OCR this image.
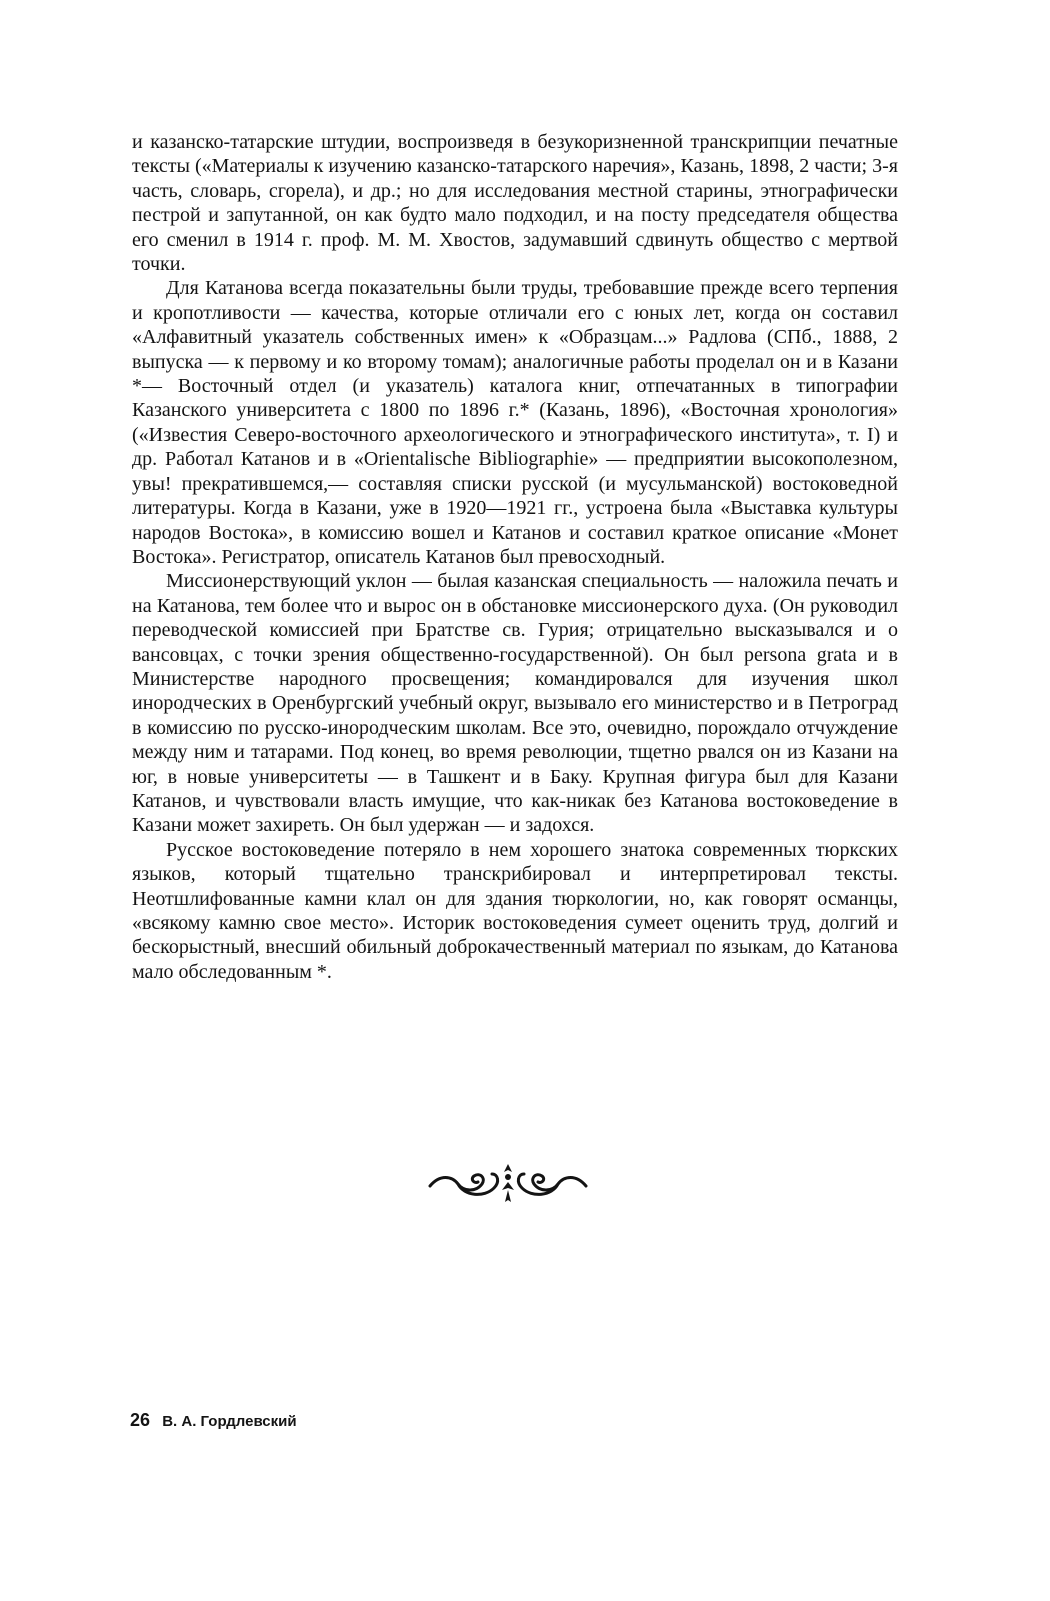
и казанско-татарские штудии, воспроизведя в безукоризненной транскрипции печатные тексты («Материалы к изучению казанско-татарского наречия», Казань, 1898, 2 части; 3-я часть, словарь, сгорела), и др.; но для исследования местной старины, этнографически пестрой и запутанной, он как будто мало подходил, и на посту председателя общества его сменил в 1914 г. проф. М. М. Хвостов, задумавший сдвинуть общество с мертвой точки.

Для Катанова всегда показательны были труды, требовавшие прежде всего терпения и кропотливости — качества, которые отличали его с юных лет, когда он составил «Алфавитный указатель собственных имен» к «Образцам...» Радлова (СПб., 1888, 2 выпуска — к первому и ко второму томам); аналогичные работы проделал он и в Казани *— Восточный отдел (и указатель) каталога книг, отпечатанных в типографии Казанского университета с 1800 по 1896 г.* (Казань, 1896), «Восточная хронология» («Известия Северо-восточного археологического и этнографического института», т. I) и др. Работал Катанов и в «Orientalische Bibliographie» — предприятии высокополезном, увы! прекратившемся,— составляя списки русской (и мусульманской) востоковедной литературы. Когда в Казани, уже в 1920—1921 гг., устроена была «Выставка культуры народов Востока», в комиссию вошел и Катанов и составил краткое описание «Монет Востока». Регистратор, описатель Катанов был превосходный.

Миссионерствующий уклон — былая казанская специальность — наложила печать и на Катанова, тем более что и вырос он в обстановке миссионерского духа. (Он руководил переводческой комиссией при Братстве св. Гурия; отрицательно высказывался и о вансовцах, с точки зрения общественно-государственной). Он был persona grata и в Министерстве народного просвещения; командировался для изучения школ инородческих в Оренбургский учебный округ, вызывало его министерство и в Петроград в комиссию по русско-инородческим школам. Все это, очевидно, порождало отчуждение между ним и татарами. Под конец, во время революции, тщетно рвался он из Казани на юг, в новые университеты — в Ташкент и в Баку. Крупная фигура был для Казани Катанов, и чувствовали власть имущие, что как-никак без Катанова востоковедение в Казани может захиреть. Он был удержан — и задохся.

Русское востоковедение потеряло в нем хорошего знатока современных тюркских языков, который тщательно транскрибировал и интерпретировал тексты. Неотшлифованные камни клал он для здания тюркологии, но, как говорят османцы, «всякому камню свое место». Историк востоковедения сумеет оценить труд, долгий и бескорыстный, внесший обильный доброкачественный материал по языкам, до Катанова мало обследованным *.

26 В. А. Гордлевский
